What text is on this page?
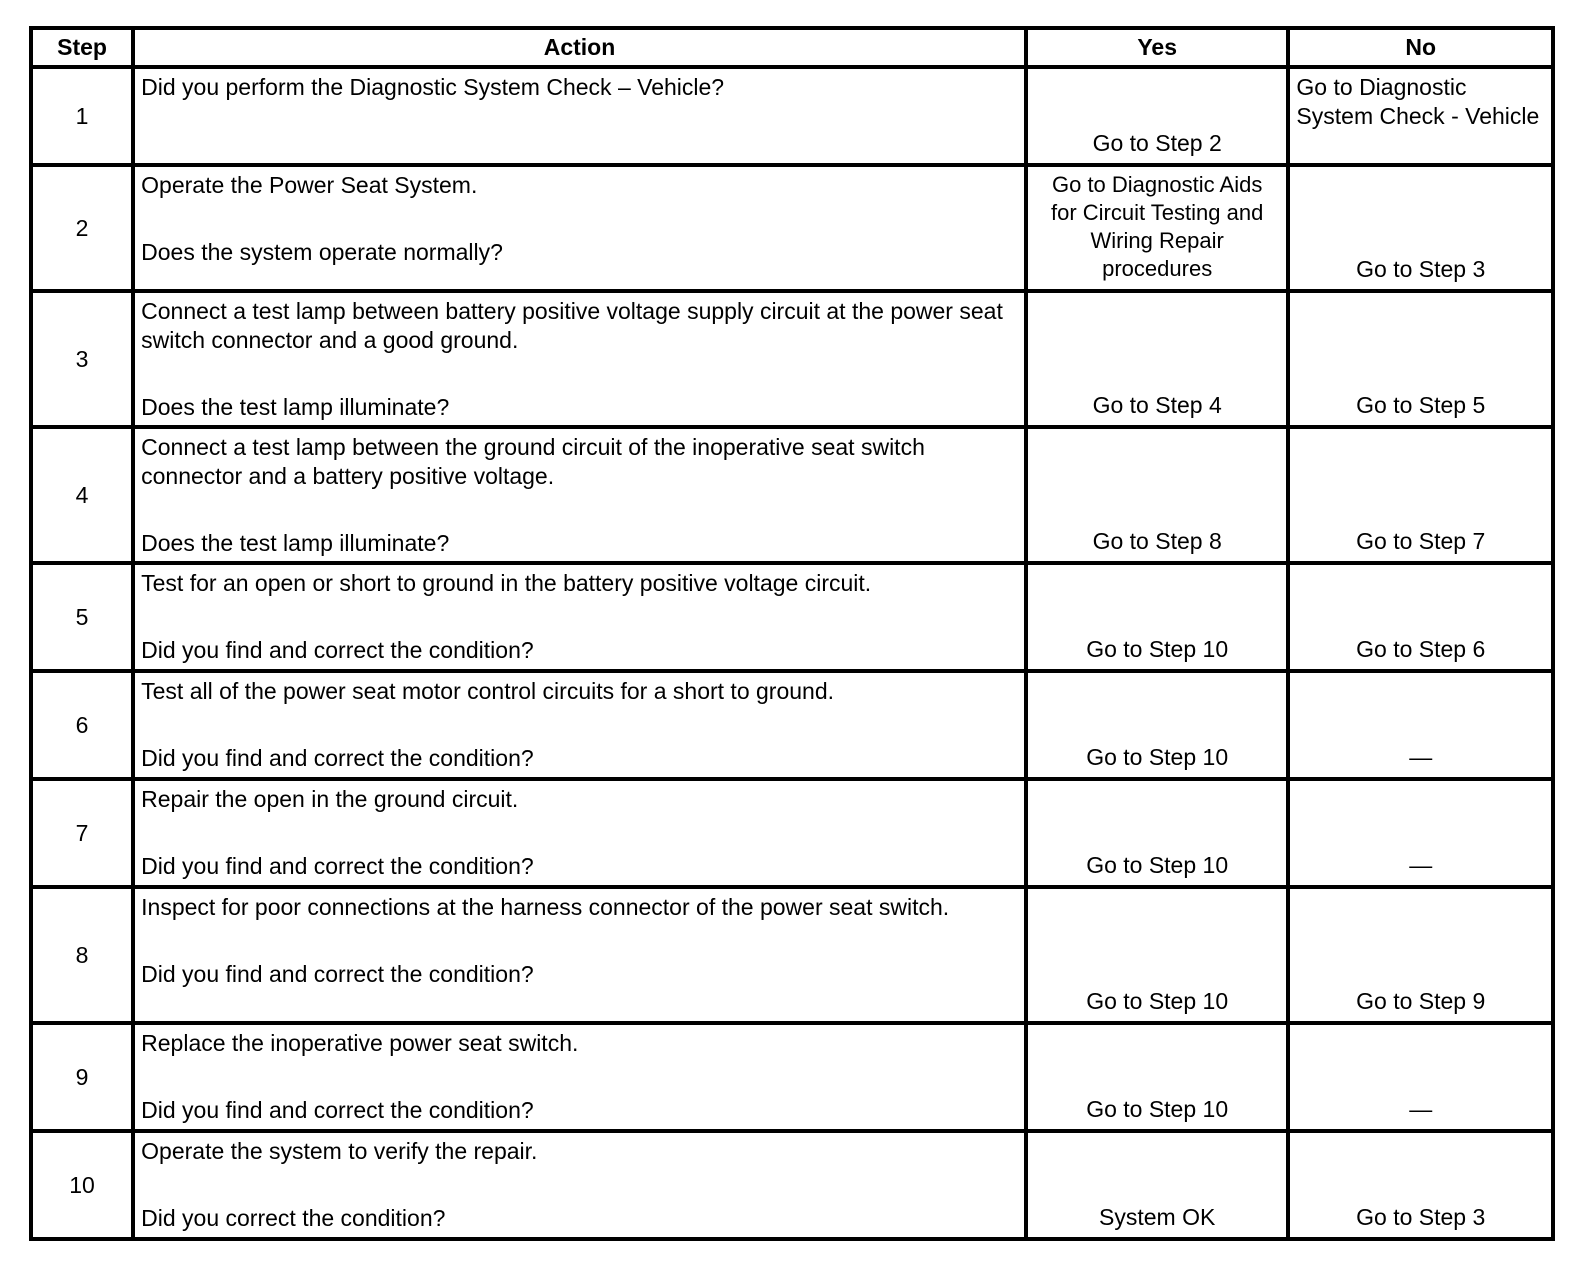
Step	Action	Yes	No
1	Did you perform the Diagnostic System Check – Vehicle?	Go to Step 2	Go to Diagnostic System Check - Vehicle
2	Operate the Power Seat System.
Does the system operate normally?	Go to Diagnostic Aids for Circuit Testing and Wiring Repair procedures	Go to Step 3
3	Connect a test lamp between battery positive voltage supply circuit at the power seat switch connector and a good ground.
Does the test lamp illuminate?	Go to Step 4	Go to Step 5
4	Connect a test lamp between the ground circuit of the inoperative seat switch connector and a battery positive voltage.
Does the test lamp illuminate?	Go to Step 8	Go to Step 7
5	Test for an open or short to ground in the battery positive voltage circuit.
Did you find and correct the condition?	Go to Step 10	Go to Step 6
6	Test all of the power seat motor control circuits for a short to ground.
Did you find and correct the condition?	Go to Step 10	—
7	Repair the open in the ground circuit.
Did you find and correct the condition?	Go to Step 10	—
8	Inspect for poor connections at the harness connector of the power seat switch.
Did you find and correct the condition?	Go to Step 10	Go to Step 9
9	Replace the inoperative power seat switch.
Did you find and correct the condition?	Go to Step 10	—
10	Operate the system to verify the repair.
Did you correct the condition?	System OK	Go to Step 3
